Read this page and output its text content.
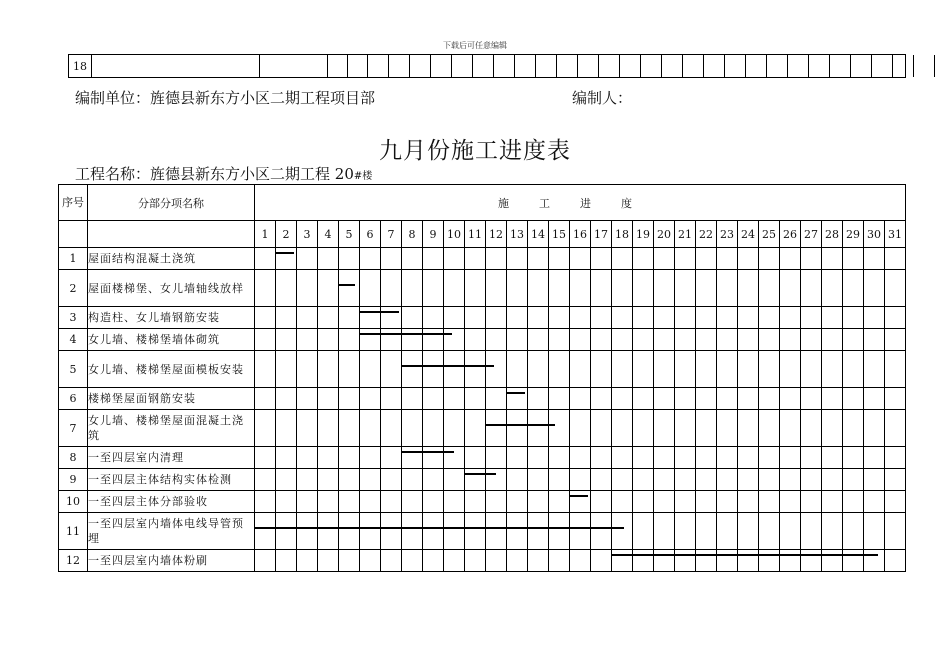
下载后可任意编辑
18
编制单位：旌德县新东方小区二期工程项目部	编制人：
九月份施工进度表
工程名称：旌德县新东方小区二期工程 20#楼
序号	分部分项名称	施工进度																														
		1	2	3	4	5	6	7	8	9	10	11	12	13	14	15	16	17	18	19	20	21	22	23	24	25	26	27	28	29	30	31
1	屋面结构混凝土浇筑																															
2	屋面楼梯堡、女儿墙轴线放样																															
3	构造柱、女儿墙钢筋安装																															
4	女儿墙、楼梯堡墙体砌筑																															
5	女儿墙、楼梯堡屋面模板安装																															
6	楼梯堡屋面钢筋安装																															
7	女儿墙、楼梯堡屋面混凝土浇筑																															
8	一至四层室内清理																															
9	一至四层主体结构实体检测																															
10	一至四层主体分部验收																															
11	一至四层室内墙体电线导管预埋																															
12	一至四层室内墙体粉刷																															
